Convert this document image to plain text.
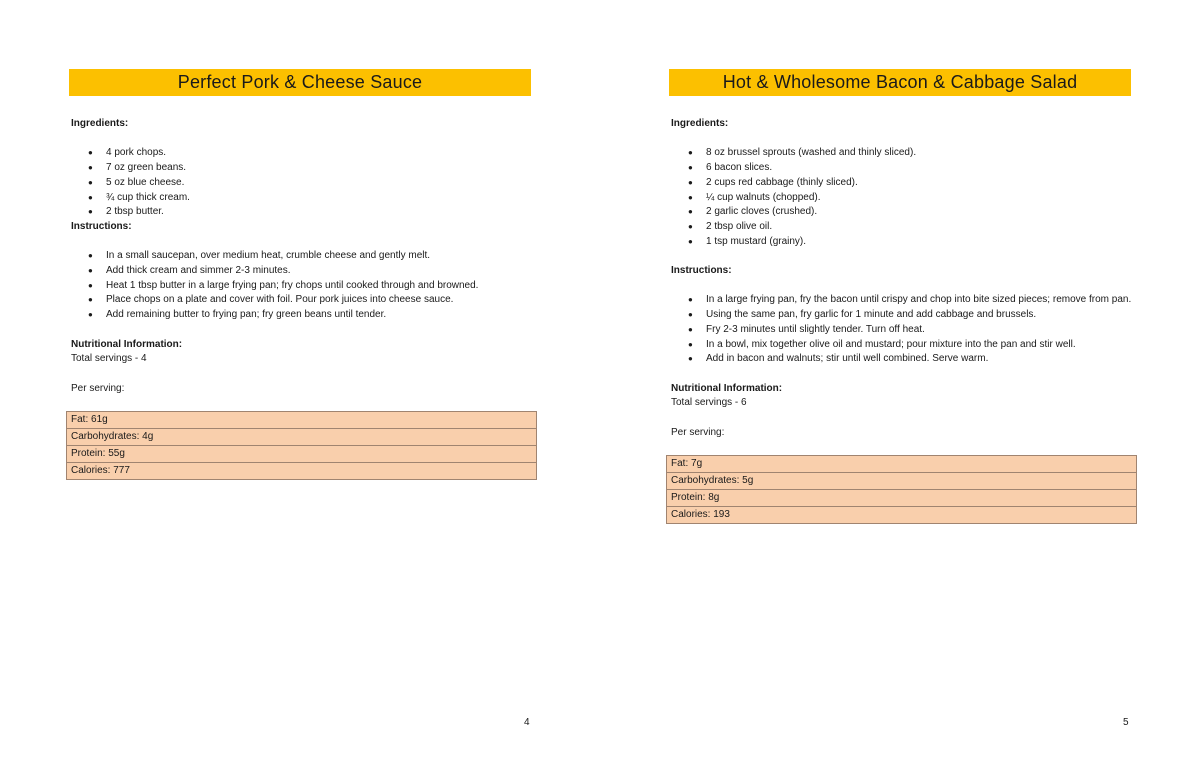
Perfect Pork & Cheese Sauce

Ingredients:

● 4 pork chops.
● 7 oz green beans.
● 5 oz blue cheese.
● ¾ cup thick cream.
● 2 tbsp butter.

Instructions:

● In a small saucepan, over medium heat, crumble cheese and gently melt.
● Add thick cream and simmer 2-3 minutes.
● Heat 1 tbsp butter in a large frying pan; fry chops until cooked through and browned.
● Place chops on a plate and cover with foil. Pour pork juices into cheese sauce.
● Add remaining butter to frying pan; fry green beans until tender.

Nutritional Information:

Total servings - 4

Per serving:

Fat: 61g
Carbohydrates: 4g
Protein: 55g
Calories: 777
4
Hot & Wholesome Bacon & Cabbage Salad

Ingredients:

● 8 oz brussel sprouts (washed and thinly sliced).
● 6 bacon slices.
● 2 cups red cabbage (thinly sliced).
● ¼ cup walnuts (chopped).
● 2 garlic cloves (crushed).
● 2 tbsp olive oil.
● 1 tsp mustard (grainy).

Instructions:

● In a large frying pan, fry the bacon until crispy and chop into bite sized pieces; remove from pan.
● Using the same pan, fry garlic for 1 minute and add cabbage and brussels.
● Fry 2-3 minutes until slightly tender. Turn off heat.
● In a bowl, mix together olive oil and mustard; pour mixture into the pan and stir well.
● Add in bacon and walnuts; stir until well combined. Serve warm.

Nutritional Information:

Total servings - 6

Per serving:

Fat: 7g
Carbohydrates: 5g
Protein: 8g
Calories: 193
5
